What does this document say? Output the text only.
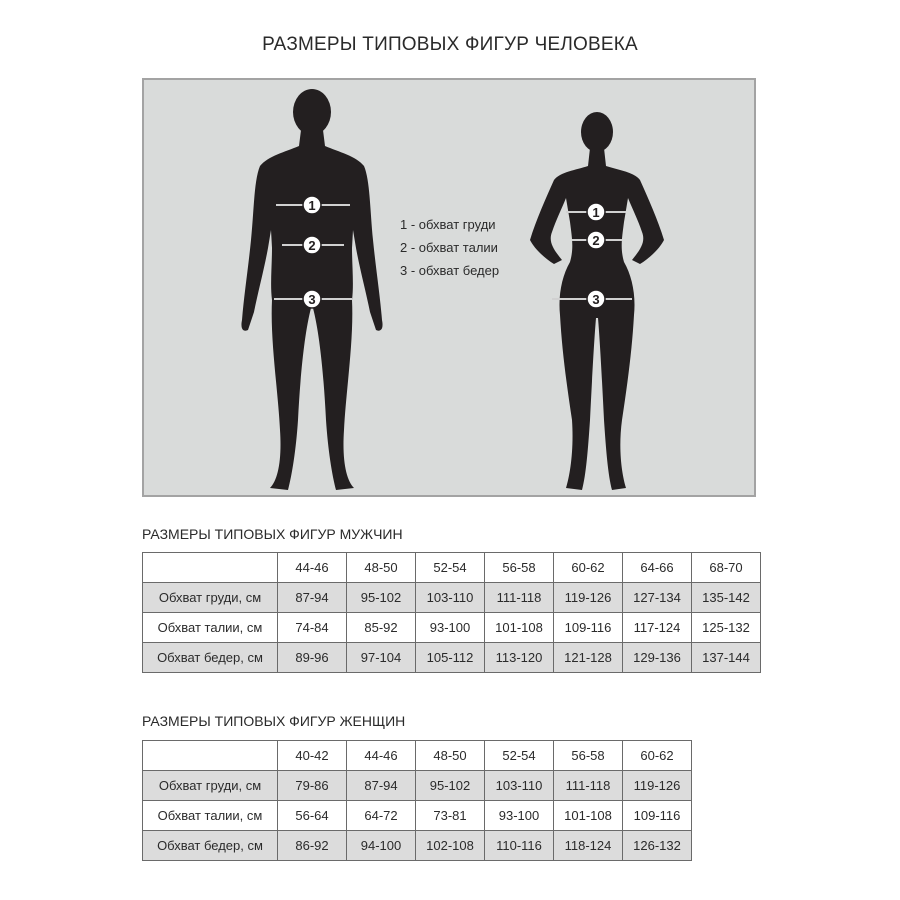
РАЗМЕРЫ ТИПОВЫХ ФИГУР ЧЕЛОВЕКА
1
2
3
1
2
3
1 - обхват груди
2 - обхват талии
3 - обхват бедер
РАЗМЕРЫ ТИПОВЫХ ФИГУР МУЖЧИН
	44-46	48-50	52-54	56-58	60-62	64-66	68-70
Обхват груди, см	87-94	95-102	103-110	111-118	119-126	127-134	135-142
Обхват талии, см	74-84	85-92	93-100	101-108	109-116	117-124	125-132
Обхват бедер, см	89-96	97-104	105-112	113-120	121-128	129-136	137-144
РАЗМЕРЫ ТИПОВЫХ ФИГУР ЖЕНЩИН
	40-42	44-46	48-50	52-54	56-58	60-62
Обхват груди, см	79-86	87-94	95-102	103-110	111-118	119-126
Обхват талии, см	56-64	64-72	73-81	93-100	101-108	109-116
Обхват бедер, см	86-92	94-100	102-108	110-116	118-124	126-132
